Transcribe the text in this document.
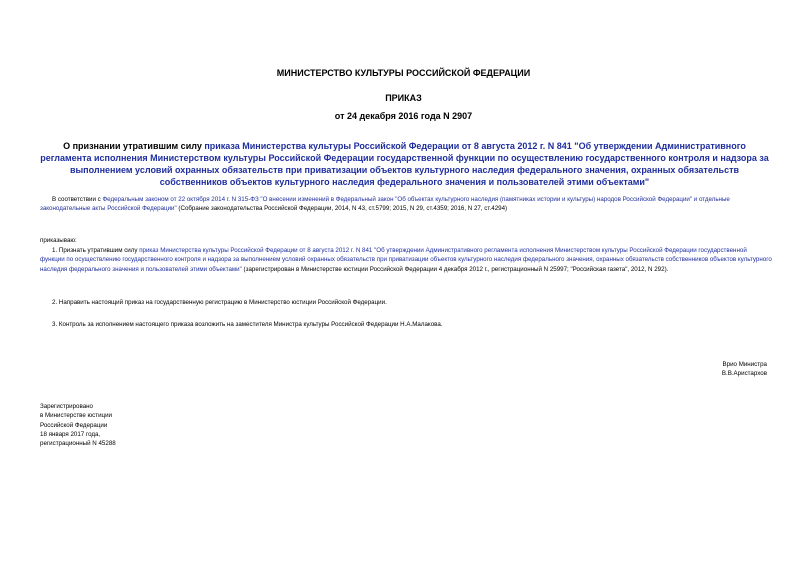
МИНИСТЕРСТВО КУЛЬТУРЫ РОССИЙСКОЙ ФЕДЕРАЦИИ
ПРИКАЗ
от 24 декабря 2016 года N 2907
О признании утратившим силу приказа Министерства культуры Российской Федерации от 8 августа 2012 г. N 841 "Об утверждении Административного регламента исполнения Министерством культуры Российской Федерации государственной функции по осуществлению государственного контроля и надзора за выполнением условий охранных обязательств при приватизации объектов культурного наследия федерального значения, охранных обязательств собственников объектов культурного наследия федерального значения и пользователей этими объектами"
В соответствии с Федеральным законом от 22 октября 2014 г. N 315-ФЗ "О внесении изменений в Федеральный закон "Об объектах культурного наследия (памятниках истории и культуры) народов Российской Федерации" и отдельные законодательные акты Российской Федерации" (Собрание законодательства Российской Федерации, 2014, N 43, ст.5799; 2015, N 29, ст.4359; 2016, N 27, ст.4294)
приказываю:
1. Признать утратившим силу приказ Министерства культуры Российской Федерации от 8 августа 2012 г. N 841 "Об утверждении Административного регламента исполнения Министерством культуры Российской Федерации государственной функции по осуществлению государственного контроля и надзора за выполнением условий охранных обязательств при приватизации объектов культурного наследия федерального значения, охранных обязательств собственников объектов культурного наследия федерального значения и пользователей этими объектами" (зарегистрирован в Министерстве юстиции Российской Федерации 4 декабря 2012 г., регистрационный N 25997; "Российская газета", 2012, N 292).
2. Направить настоящий приказ на государственную регистрацию в Министерство юстиции Российской Федерации.
3. Контроль за исполнением настоящего приказа возложить на заместителя Министра культуры Российской Федерации Н.А.Малакова.
Врио Министра
В.В.Аристархов
Зарегистрировано
в Министерстве юстиции
Российской Федерации
18 января 2017 года,
регистрационный N 45288
